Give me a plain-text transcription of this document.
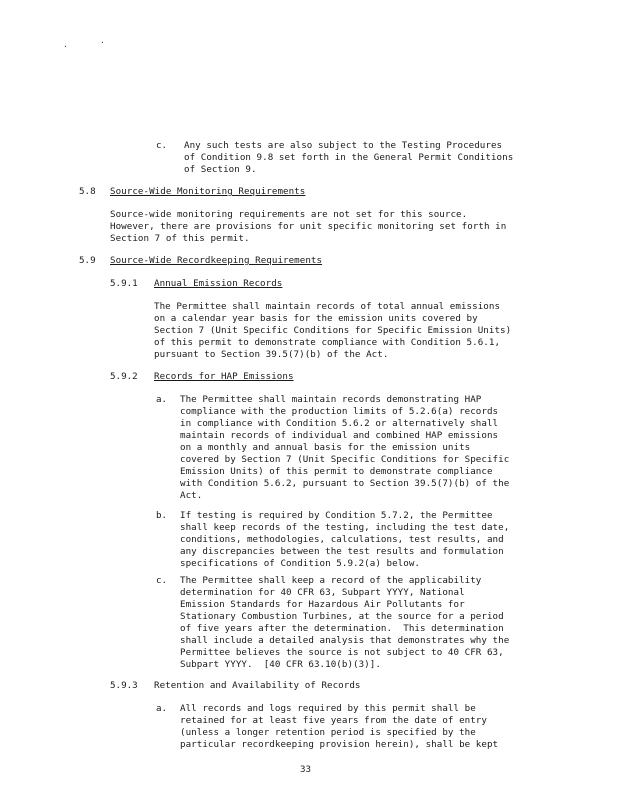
.	·
c. Any such tests are also subject to the Testing Procedures
of Condition 9.8 set forth in the General Permit Conditions
of Section 9.
5.8 Source-Wide Monitoring Requirements
Source-wide monitoring requirements are not set for this source.
However, there are provisions for unit specific monitoring set forth in
Section 7 of this permit.
5.9 Source-Wide Recordkeeping Requirements
5.9.1 Annual Emission Records
The Permittee shall maintain records of total annual emissions
on a calendar year basis for the emission units covered by
Section 7 (Unit Specific Conditions for Specific Emission Units)
of this permit to demonstrate compliance with Condition 5.6.1,
pursuant to Section 39.5(7)(b) of the Act.
5.9.2 Records for HAP Emissions
a. The Permittee shall maintain records demonstrating HAP
compliance with the production limits of 5.2.6(a) records
in compliance with Condition 5.6.2 or alternatively shall
maintain records of individual and combined HAP emissions
on a monthly and annual basis for the emission units
covered by Section 7 (Unit Specific Conditions for Specific
Emission Units) of this permit to demonstrate compliance
with Condition 5.6.2, pursuant to Section 39.5(7)(b) of the
Act.
b. If testing is required by Condition 5.7.2, the Permittee
shall keep records of the testing, including the test date,
conditions, methodologies, calculations, test results, and
any discrepancies between the test results and formulation
specifications of Condition 5.9.2(a) below.
c. The Permittee shall keep a record of the applicability
determination for 40 CFR 63, Subpart YYYY, National
Emission Standards for Hazardous Air Pollutants for
Stationary Combustion Turbines, at the source for a period
of five years after the determination.  This determination
shall include a detailed analysis that demonstrates why the
Permittee believes the source is not subject to 40 CFR 63,
Subpart YYYY.  [40 CFR 63.10(b)(3)].
5.9.3 Retention and Availability of Records
a. All records and logs required by this permit shall be
retained for at least five years from the date of entry
(unless a longer retention period is specified by the
particular recordkeeping provision herein), shall be kept
33
